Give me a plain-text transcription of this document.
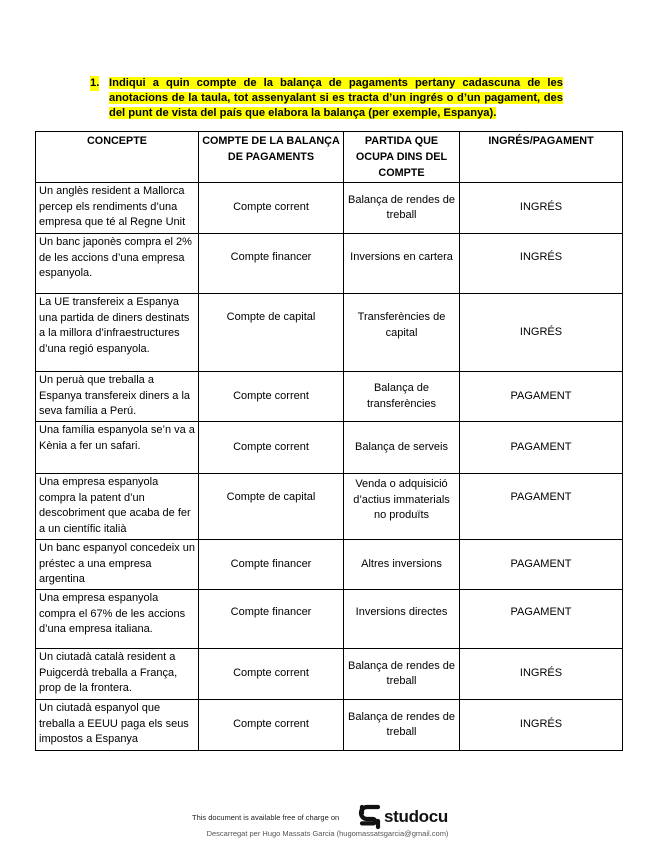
1. Indiqui a quin compte de la balança de pagaments pertany cadascuna de les anotacions de la taula, tot assenyalant si es tracta d’un ingrés o d’un pagament, des del punt de vista del país que elabora la balança (per exemple, Espanya).
CONCEPTE	COMPTE DE LA BALANÇA DE PAGAMENTS	PARTIDA QUE OCUPA DINS DEL COMPTE	INGRÉS/PAGAMENT
Un anglès resident a Mallorca percep els rendiments d’una empresa que té al Regne Unit	Compte corrent	Balança de rendes de treball	INGRÉS
Un banc japonès compra el 2% de les accions d’una empresa espanyola.	Compte financer	Inversions en cartera	INGRÉS
La UE transfereix a Espanya una partida de diners destinats a la millora d’infraestructures d’una regió espanyola.	Compte de capital	Transferències de capital	INGRÉS
Un peruà que treballa a Espanya transfereix diners a la seva família a Perú.	Compte corrent	Balança de transferències	PAGAMENT
Una família espanyola se’n va a Kènia a fer un safari.	Compte corrent	Balança de serveis	PAGAMENT
Una empresa espanyola compra la patent d’un descobriment que acaba de fer a un científic italià	Compte de capital	Venda o adquisició d’actius immaterials no produïts	PAGAMENT
Un banc espanyol concedeix un préstec a una empresa argentina	Compte financer	Altres inversions	PAGAMENT
Una empresa espanyola compra el 67% de les accions d’una empresa italiana.	Compte financer	Inversions directes	PAGAMENT
Un ciutadà català resident a Puigcerdà treballa a França, prop de la frontera.	Compte corrent	Balança de rendes de treball	INGRÉS
Un ciutadà espanyol que treballa a EEUU paga els seus impostos a Espanya	Compte corrent	Balança de rendes de treball	INGRÉS
This document is available free of charge on	studocu
Descarregat per Hugo Massats Garcia (hugomassatsgarcia@gmail.com)
